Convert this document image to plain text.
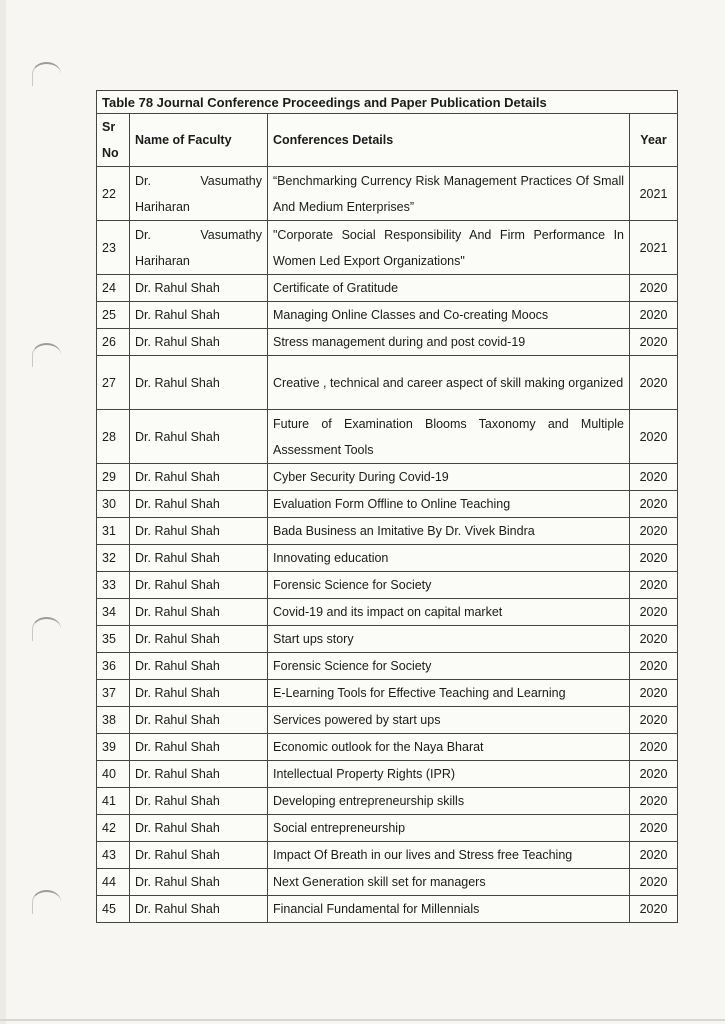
Table 78 Journal Conference Proceedings and Paper Publication Details			

Sr
No	Name of Faculty	Conferences Details	Year
22	Dr. Vasumathy
Hariharan	“Benchmarking Currency Risk Management Practices Of Small And Medium Enterprises”	2021
23	Dr. Vasumathy
Hariharan	"Corporate Social Responsibility And Firm Performance In Women Led Export Organizations"	2021
24	Dr. Rahul Shah	Certificate of Gratitude	2020
25	Dr. Rahul Shah	Managing Online Classes and Co-creating Moocs	2020
26	Dr. Rahul Shah	Stress management during and post covid-19	2020
27	Dr. Rahul Shah	Creative , technical and career aspect of skill making organized	2020
28	Dr. Rahul Shah	Future of Examination Blooms Taxonomy and Multiple Assessment Tools	2020
29	Dr. Rahul Shah	Cyber Security During Covid-19	2020
30	Dr. Rahul Shah	Evaluation Form Offline to Online Teaching	2020
31	Dr. Rahul Shah	Bada Business an Imitative By Dr. Vivek Bindra	2020
32	Dr. Rahul Shah	Innovating education	2020
33	Dr. Rahul Shah	Forensic Science for Society	2020
34	Dr. Rahul Shah	Covid-19 and its impact on capital market	2020
35	Dr. Rahul Shah	Start ups story	2020
36	Dr. Rahul Shah	Forensic Science for Society	2020
37	Dr. Rahul Shah	E-Learning Tools for Effective Teaching and Learning	2020
38	Dr. Rahul Shah	Services powered by start ups	2020
39	Dr. Rahul Shah	Economic outlook for the Naya Bharat	2020
40	Dr. Rahul Shah	Intellectual Property Rights (IPR)	2020
41	Dr. Rahul Shah	Developing entrepreneurship skills	2020
42	Dr. Rahul Shah	Social entrepreneurship	2020
43	Dr. Rahul Shah	Impact Of Breath in our lives and Stress free Teaching	2020
44	Dr. Rahul Shah	Next Generation skill set for managers	2020
45	Dr. Rahul Shah	Financial Fundamental for Millennials	2020
